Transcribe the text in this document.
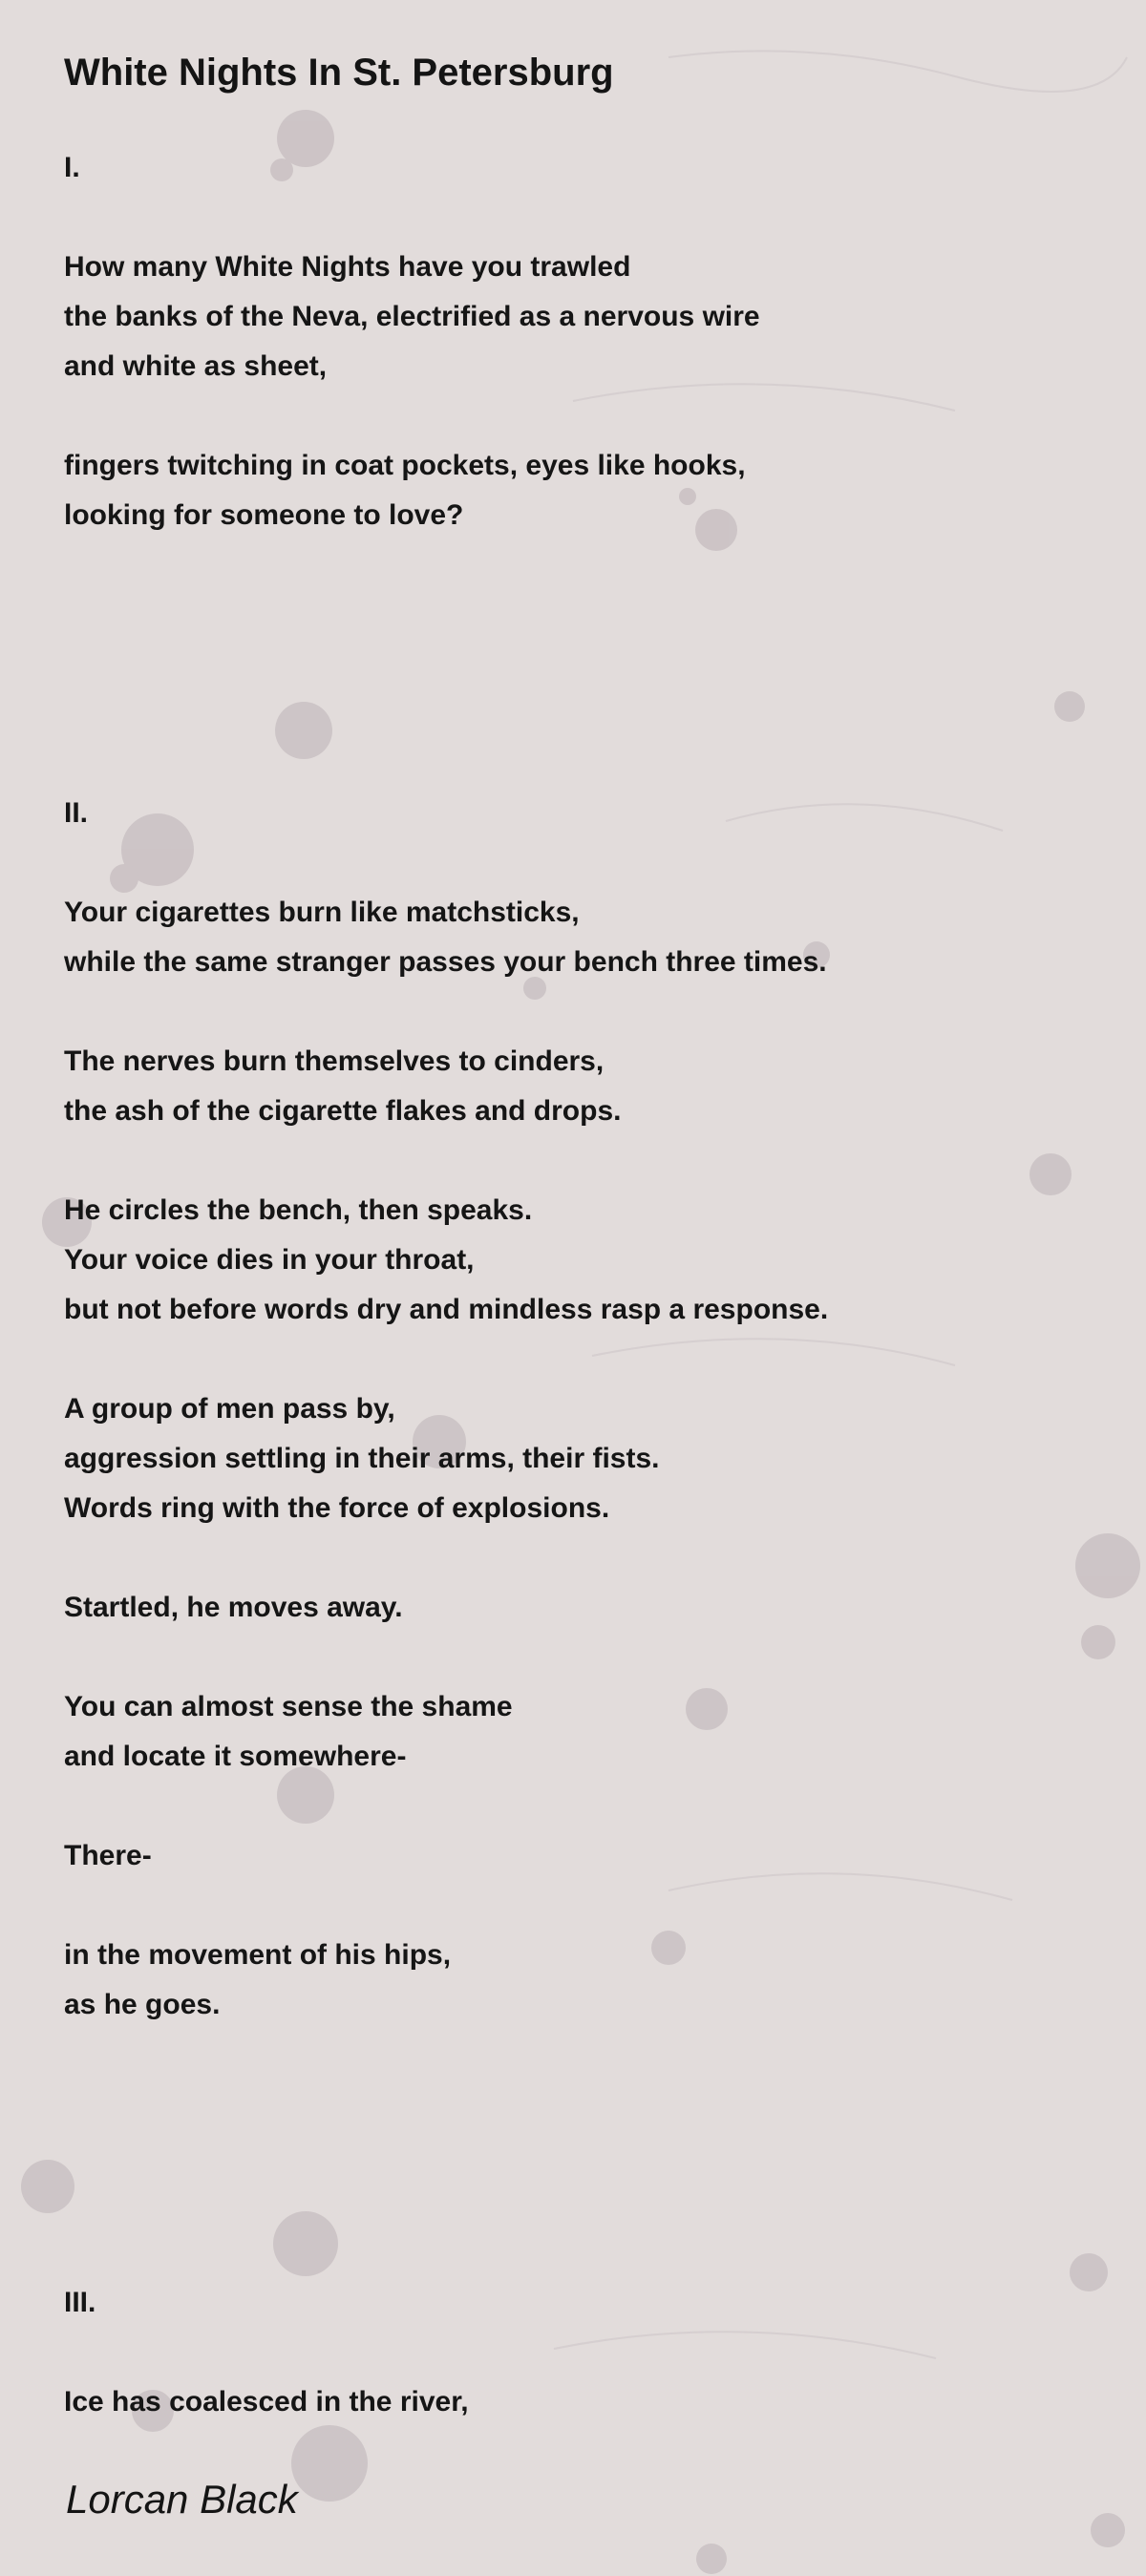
White Nights In St. Petersburg
I.
How many White Nights have you trawled
the banks of the Neva, electrified as a nervous wire
and white as sheet,
fingers twitching in coat pockets, eyes like hooks,
looking for someone to love?
II.
Your cigarettes burn like matchsticks,
while the same stranger passes your bench three times.
The nerves burn themselves to cinders,
the ash of the cigarette flakes and drops.
He circles the bench, then speaks.
Your voice dies in your throat,
but not before words dry and mindless rasp a response.
A group of men pass by,
aggression settling in their arms, their fists.
Words ring with the force of explosions.
Startled, he moves away.
You can almost sense the shame
and locate it somewhere-
There-
in the movement of his hips,
as he goes.
III.
Ice has coalesced in the river,
Lorcan Black
